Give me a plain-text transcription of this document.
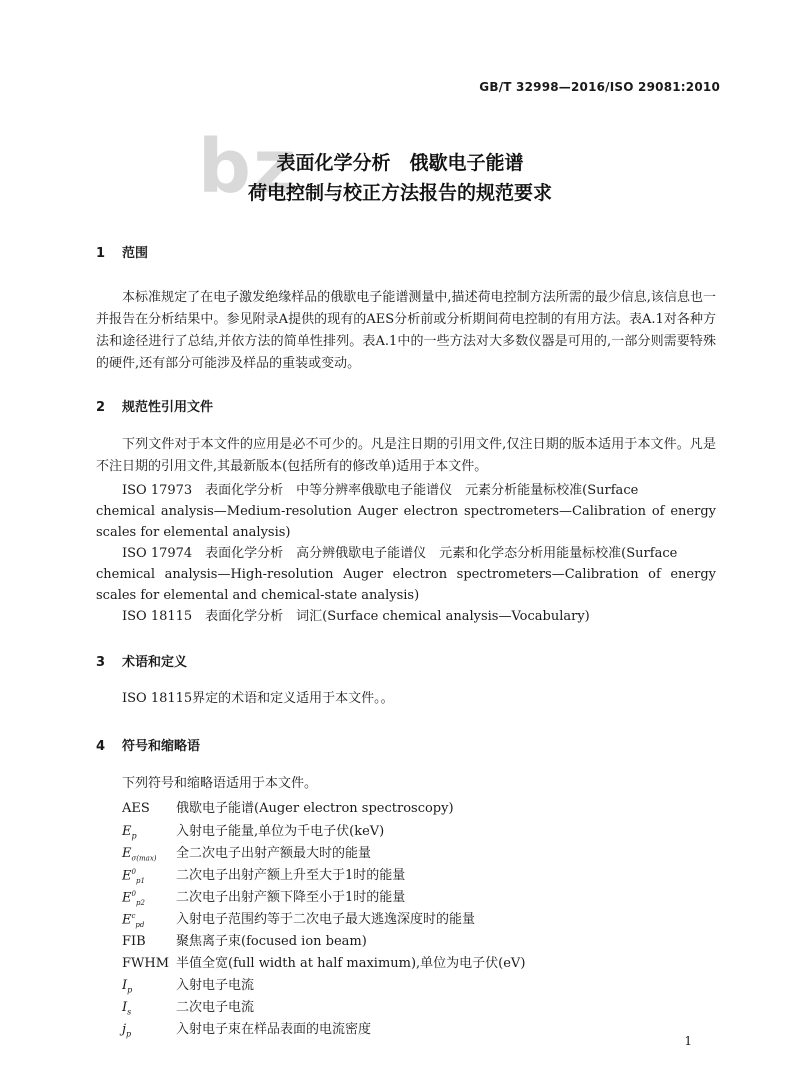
GB/T 32998—2016/ISO 29081:2010
bz
表面化学分析　俄歇电子能谱
荷电控制与校正方法报告的规范要求
1 范围
本标准规定了在电子激发绝缘样品的俄歇电子能谱测量中,描述荷电控制方法所需的最少信息,该信息也一并报告在分析结果中。参见附录A提供的现有的AES分析前或分析期间荷电控制的有用方法。表A.1对各种方法和途径进行了总结,并依方法的简单性排列。表A.1中的一些方法对大多数仪器是可用的,一部分则需要特殊的硬件,还有部分可能涉及样品的重装或变动。
2 规范性引用文件
下列文件对于本文件的应用是必不可少的。凡是注日期的引用文件,仅注日期的版本适用于本文件。凡是不注日期的引用文件,其最新版本(包括所有的修改单)适用于本文件。
ISO 17973　表面化学分析　中等分辨率俄歇电子能谱仪　元素分析能量标校准(Surface
chemical analysis—Medium-resolution Auger electron spectrometers—Calibration of energy scales for elemental analysis)
ISO 17974　表面化学分析　高分辨俄歇电子能谱仪　元素和化学态分析用能量标校准(Surface
chemical analysis—High-resolution Auger electron spectrometers—Calibration of energy scales for elemental and chemical-state analysis)
ISO 18115　表面化学分析　词汇(Surface chemical analysis—Vocabulary)
3 术语和定义
ISO 18115界定的术语和定义适用于本文件。。
4 符号和缩略语
下列符号和缩略语适用于本文件。
AES 俄歇电子能谱(Auger electron spectroscopy)
$E_p$	入射电子能量,单位为千电子伏(keV)
$E_{\sigma(max)}$ 全二次电子出射产额最大时的能量
$E^0_{p1}$ 二次电子出射产额上升至大于1时的能量
$E^0_{p2}$ 二次电子出射产额下降至小于1时的能量
$E^c_{pd}$ 入射电子范围约等于二次电子最大逃逸深度时的能量
FIB 聚焦离子束(focused ion beam)
FWHM 半值全宽(full width at half maximum),单位为电子伏(eV)
$I_p$	入射电子电流
$I_s$	二次电子电流
$j_p$	入射电子束在样品表面的电流密度
1
